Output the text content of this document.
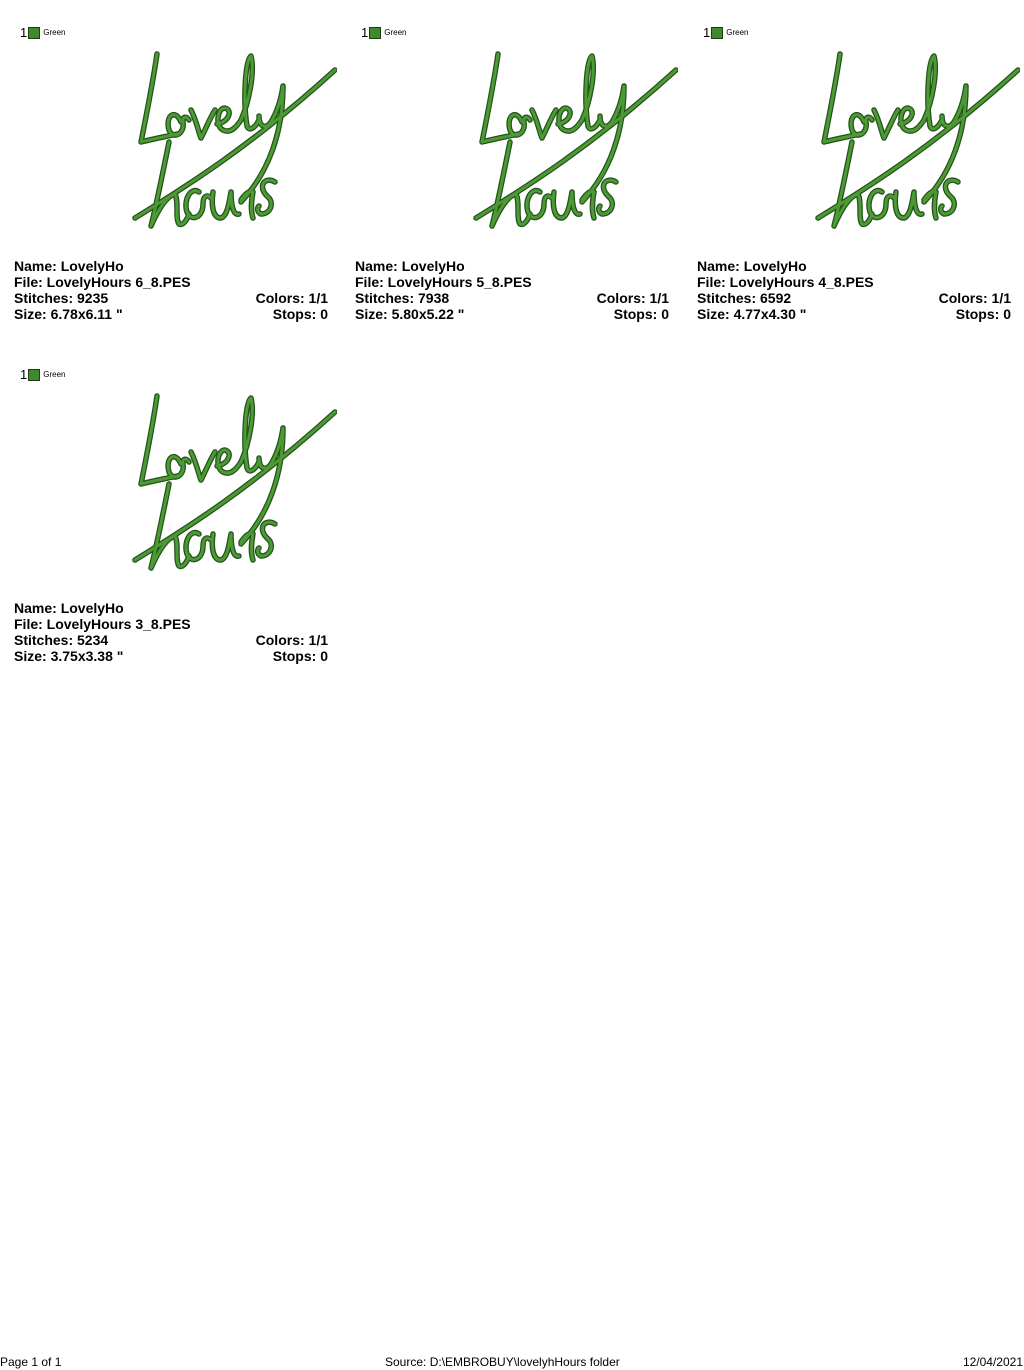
1 Green
Name: LovelyHo
File: LovelyHours 6_8.PES
Stitches: 9235	Colors: 1/1
Size: 6.78x6.11 "	Stops: 0
1 Green
Name: LovelyHo
File: LovelyHours 5_8.PES
Stitches: 7938	Colors: 1/1
Size: 5.80x5.22 "	Stops: 0
1 Green
Name: LovelyHo
File: LovelyHours 4_8.PES
Stitches: 6592	Colors: 1/1
Size: 4.77x4.30 "	Stops: 0
1 Green
Name: LovelyHo
File: LovelyHours 3_8.PES
Stitches: 5234	Colors: 1/1
Size: 3.75x3.38 "	Stops: 0
Page 1 of 1	Source: D:\EMBROBUY\lovelyhHours folder	12/04/2021
